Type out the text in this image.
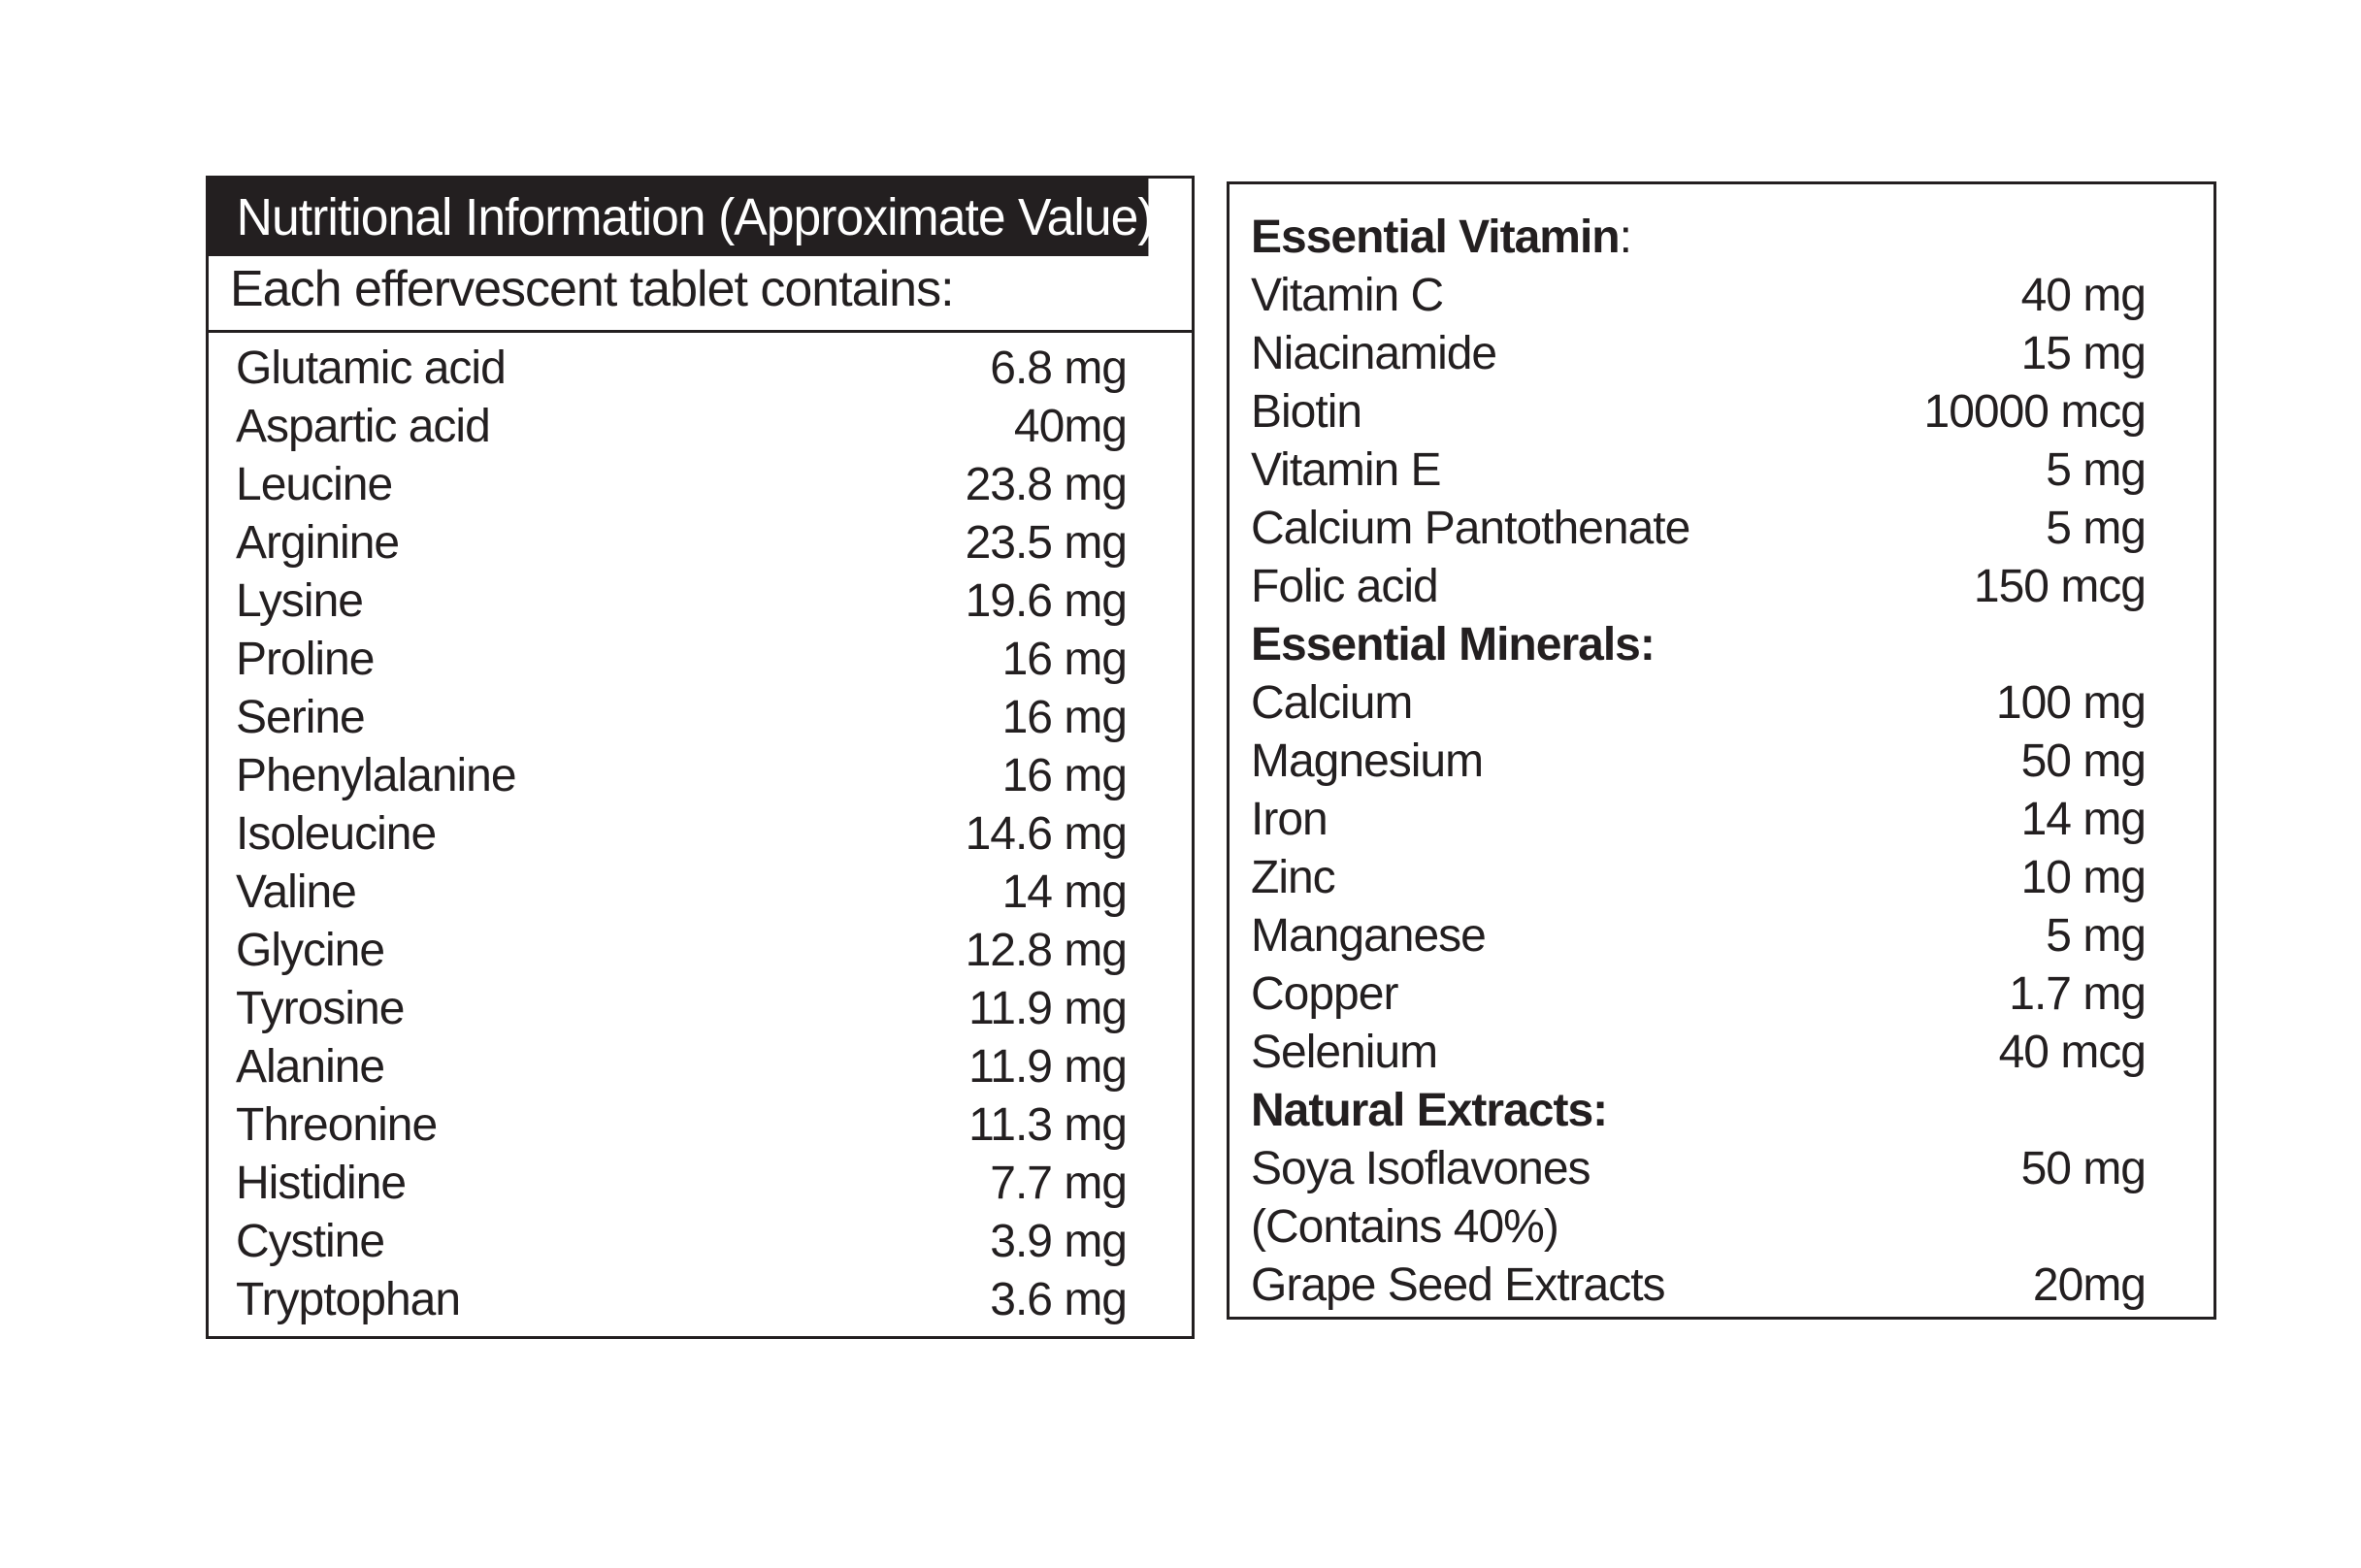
Nutritional Information (Approximate Value)
Each effervescent tablet contains:
Glutamic acid	6.8 mg
Aspartic acid	40mg
Leucine	23.8 mg
Arginine	23.5 mg
Lysine	19.6 mg
Proline	16 mg
Serine	16 mg
Phenylalanine	16 mg
Isoleucine	14.6 mg
Valine	14 mg
Glycine	12.8 mg
Tyrosine	11.9 mg
Alanine	11.9 mg
Threonine	11.3 mg
Histidine	7.7 mg
Cystine	3.9 mg
Tryptophan	3.6 mg
Essential Vitamin:
Vitamin C	40 mg
Niacinamide	15 mg
Biotin	10000 mcg
Vitamin E	5 mg
Calcium Pantothenate	5 mg
Folic acid	150 mcg
Essential Minerals:
Calcium	100 mg
Magnesium	50 mg
Iron	14 mg
Zinc	10 mg
Manganese	5 mg
Copper	1.7 mg
Selenium	40 mcg
Natural Extracts:
Soya Isoflavones	50 mg
(Contains 40%)
Grape Seed Extracts	20mg
